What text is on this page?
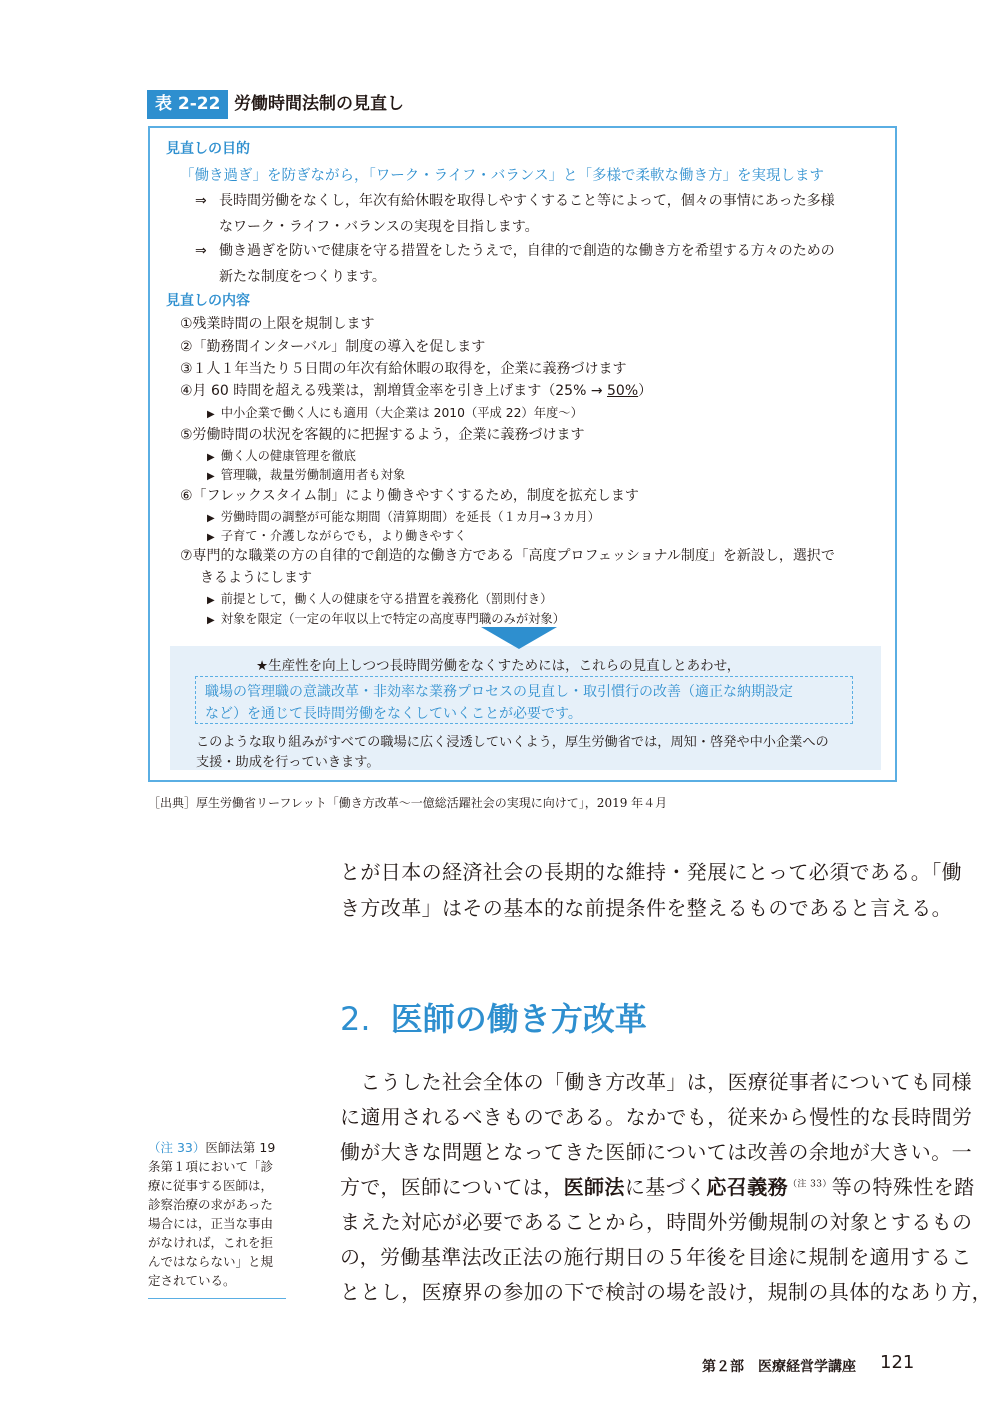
表 2-22 労働時間法制の見直し
見直しの目的
「働き過ぎ」を防ぎながら，「ワーク・ライフ・バランス」と「多様で柔軟な働き方」を実現します
⇒ 長時間労働をなくし，年次有給休暇を取得しやすくすること等によって，個々の事情にあった多様
なワーク・ライフ・バランスの実現を目指します。
⇒ 働き過ぎを防いで健康を守る措置をしたうえで，自律的で創造的な働き方を希望する方々のための
新たな制度をつくります。
見直しの内容
①残業時間の上限を規制します
②「勤務間インターバル」制度の導入を促します
③１人１年当たり５日間の年次有給休暇の取得を，企業に義務づけます
④月 60 時間を超える残業は，割増賃金率を引き上げます（25% → 50%）
▶ 中小企業で働く人にも適用（大企業は 2010（平成 22）年度～）
⑤労働時間の状況を客観的に把握するよう，企業に義務づけます
▶ 働く人の健康管理を徹底
▶ 管理職，裁量労働制適用者も対象
⑥「フレックスタイム制」により働きやすくするため，制度を拡充します
▶ 労働時間の調整が可能な期間（清算期間）を延長（１カ月→３カ月）
▶ 子育て・介護しながらでも，より働きやすく
⑦専門的な職業の方の自律的で創造的な働き方である「高度プロフェッショナル制度」を新設し，選択で
きるようにします
▶ 前提として，働く人の健康を守る措置を義務化（罰則付き）
▶ 対象を限定（一定の年収以上で特定の高度専門職のみが対象）
★生産性を向上しつつ長時間労働をなくすためには，これらの見直しとあわせ，
職場の管理職の意識改革・非効率な業務プロセスの見直し・取引慣行の改善（適正な納期設定
など）を通じて長時間労働をなくしていくことが必要です。
このような取り組みがすべての職場に広く浸透していくよう，厚生労働省では，周知・啓発や中小企業への
支援・助成を行っていきます。
［出典］厚生労働省リーフレット「働き方改革～一億総活躍社会の実現に向けて」，2019 年４月
とが日本の経済社会の長期的な維持・発展にとって必須である。「働
き方改革」はその基本的な前提条件を整えるものであると言える。
2. 医師の働き方改革
　こうした社会全体の「働き方改革」は，医療従事者についても同様
に適用されるべきものである。なかでも，従来から慢性的な長時間労
働が大きな問題となってきた医師については改善の余地が大きい。一
方で，医師については，医師法に基づく応召義務$^{(注 33)}$等の特殊性を踏
まえた対応が必要であることから，時間外労働規制の対象とするもの
の，労働基準法改正法の施行期日の５年後を目途に規制を適用するこ
ととし，医療界の参加の下で検討の場を設け，規制の具体的なあり方，
（注 33）医師法第 19
条第１項において「診
療に従事する医師は，
診察治療の求があった
場合には，正当な事由
がなければ，これを拒
んではならない」と規
定されている。
第２部　医療経営学講座 121
